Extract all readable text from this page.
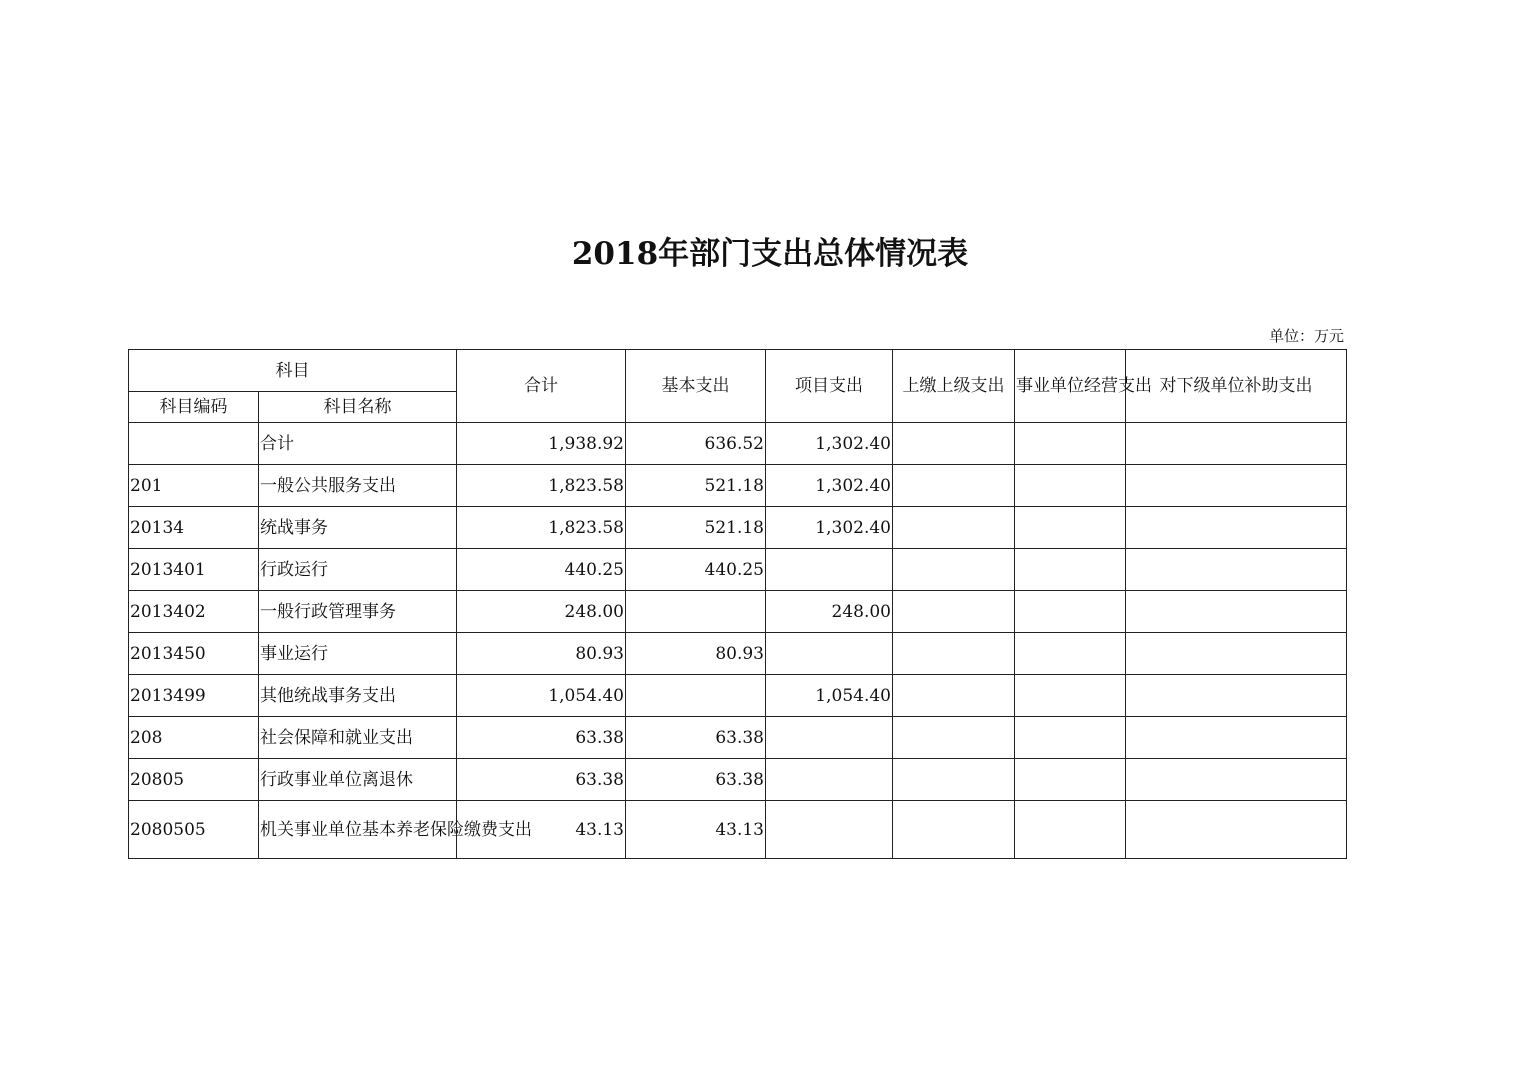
2018年部门支出总体情况表
单位：万元
科目		合计	基本支出	项目支出	上缴上级支出	事业单位经营支出	对下级单位补助支出
科目编码	科目名称						
	合计	1,938.92	636.52	1,302.40			
201	一般公共服务支出	1,823.58	521.18	1,302.40			
20134	统战事务	1,823.58	521.18	1,302.40			
2013401	行政运行	440.25	440.25				
2013402	一般行政管理事务	248.00		248.00			
2013450	事业运行	80.93	80.93				
2013499	其他统战事务支出	1,054.40		1,054.40			
208	社会保障和就业支出	63.38	63.38				
20805	行政事业单位离退休	63.38	63.38				
2080505	机关事业单位基本养老保险缴费支出	43.13	43.13				
